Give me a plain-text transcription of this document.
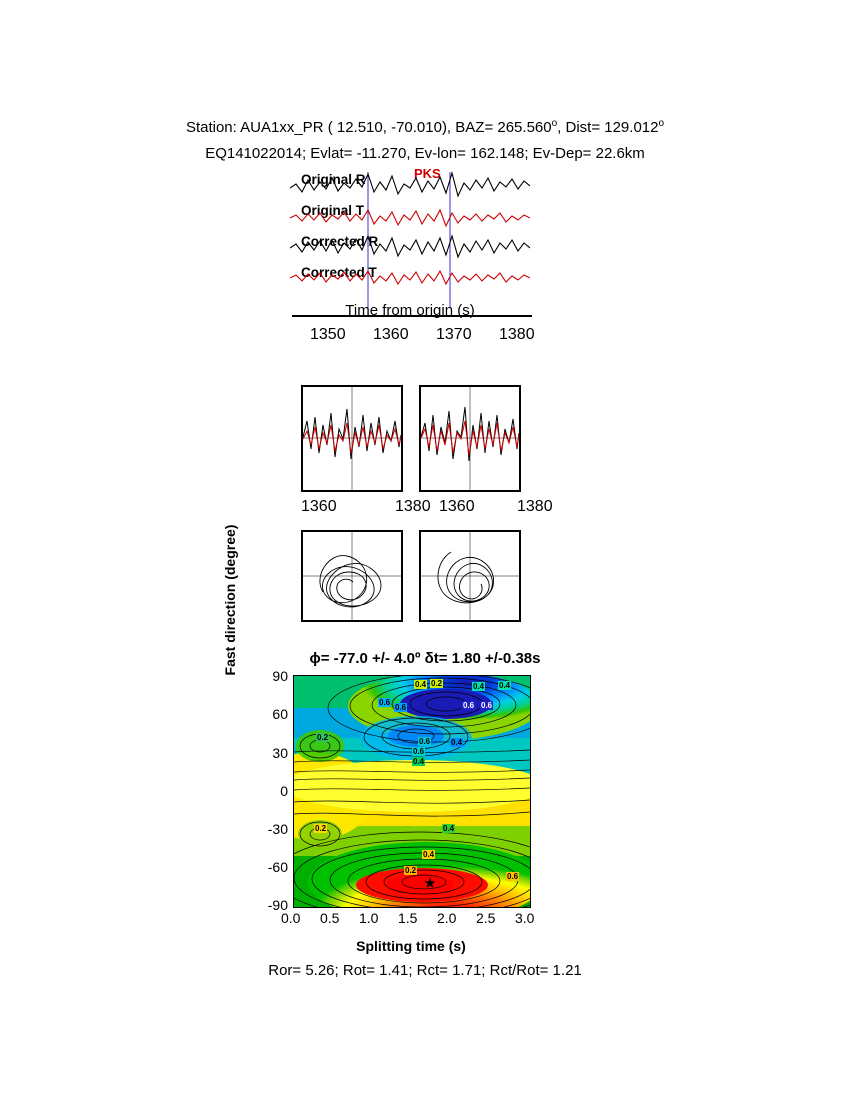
Station: AUA1xx_PR ( 12.510, -70.010), $BAZ= 265.560^o$, Dist= $129.012^o$
EQ141022014; Evlat= -11.270, Ev-lon= 162.148; Ev-Dep= 22.6km
PKS
Original R
Original T
Corrected R
Corrected T
Time from origin (s)
1350 1360 1370 1380
1360	1380 1360	1380
ϕ= -77.0 +/- 4.0º δt= 1.80 +/-0.38s
Fast direction (degree)
90
60
30
0
-30
-60
-90
★
0.4 0.2	0.4 0.4
0.6
0.6	0.6 0.6
0.2	0.6	0.4
0.6
0.4
0.4
0.2
0.4
0.2
0.6
0.0 0.5 1.0 1.5 2.0 2.5 3.0
Splitting time (s)
Ror= 5.26; Rot= 1.41; Rct= 1.71; Rct/Rot= 1.21
